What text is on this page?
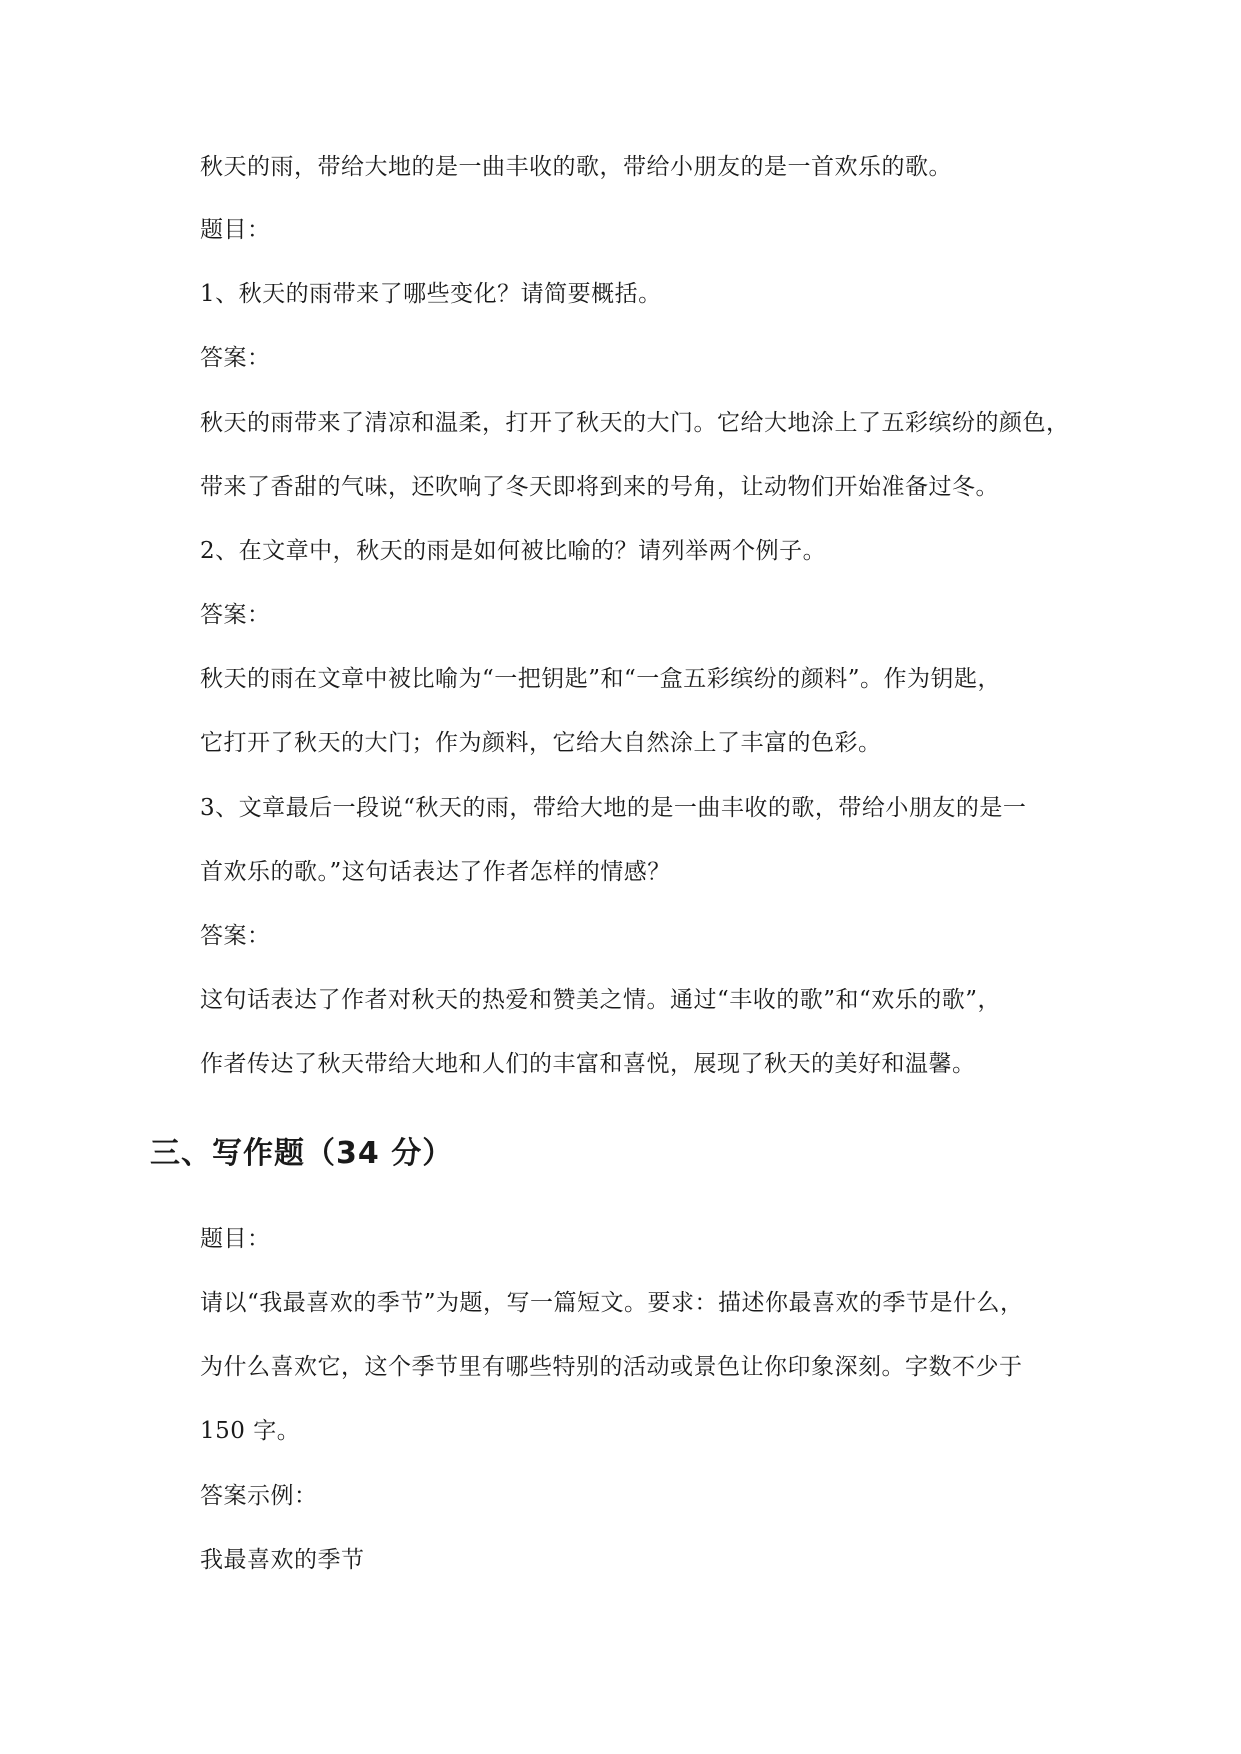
秋天的雨，带给大地的是一曲丰收的歌，带给小朋友的是一首欢乐的歌。
题目：
1、秋天的雨带来了哪些变化？请简要概括。
答案：
秋天的雨带来了清凉和温柔，打开了秋天的大门。它给大地涂上了五彩缤纷的颜色，
带来了香甜的气味，还吹响了冬天即将到来的号角，让动物们开始准备过冬。
2、在文章中，秋天的雨是如何被比喻的？请列举两个例子。
答案：
秋天的雨在文章中被比喻为“一把钥匙”和“一盒五彩缤纷的颜料”。作为钥匙，
它打开了秋天的大门；作为颜料，它给大自然涂上了丰富的色彩。
3、文章最后一段说“秋天的雨，带给大地的是一曲丰收的歌，带给小朋友的是一
首欢乐的歌。”这句话表达了作者怎样的情感？
答案：
这句话表达了作者对秋天的热爱和赞美之情。通过“丰收的歌”和“欢乐的歌”，
作者传达了秋天带给大地和人们的丰富和喜悦，展现了秋天的美好和温馨。
三、写作题（34 分）
题目：
请以“我最喜欢的季节”为题，写一篇短文。要求：描述你最喜欢的季节是什么，
为什么喜欢它，这个季节里有哪些特别的活动或景色让你印象深刻。字数不少于
150 字。
答案示例：
我最喜欢的季节
